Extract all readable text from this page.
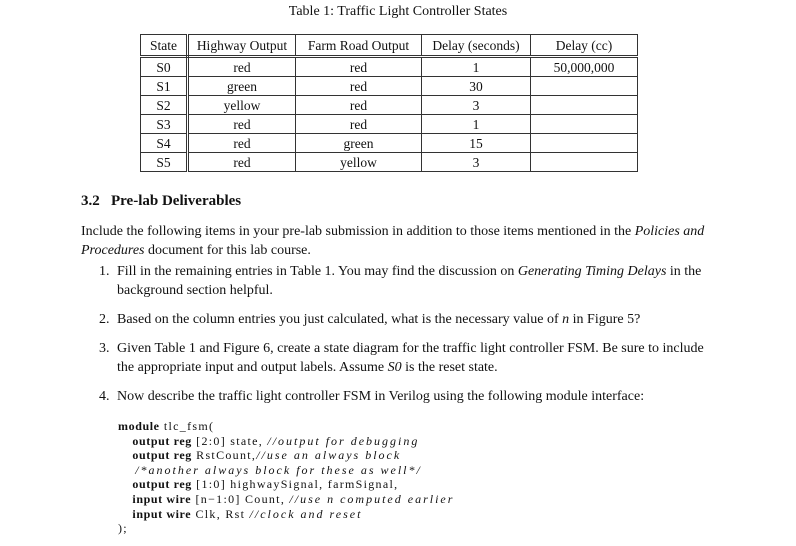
Table 1: Traffic Light Controller States
State	Highway Output	Farm Road Output	Delay (seconds)	Delay (cc)
S0	red	red	1	50,000,000
S1	green	red	30	
S2	yellow	red	3	
S3	red	red	1	
S4	red	green	15	
S5	red	yellow	3	
3.2 Pre-lab Deliverables
Include the following items in your pre-lab submission in addition to those items mentioned in the Policies and Procedures document for this lab course.
1. Fill in the remaining entries in Table 1. You may find the discussion on Generating Timing Delays in the background section helpful.
2. Based on the column entries you just calculated, what is the necessary value of n in Figure 5?
3. Given Table 1 and Figure 6, create a state diagram for the traffic light controller FSM. Be sure to include the appropriate input and output labels. Assume S0 is the reset state.
4. Now describe the traffic light controller FSM in Verilog using the following module interface:
module tlc_fsm(
output reg [2:0] state, //output for debugging
output reg RstCount,//use an always block
/*another always block for these as well*/
output reg [1:0] highwaySignal, farmSignal,
input wire [n−1:0] Count, //use n computed earlier
input wire Clk, Rst //clock and reset
);
